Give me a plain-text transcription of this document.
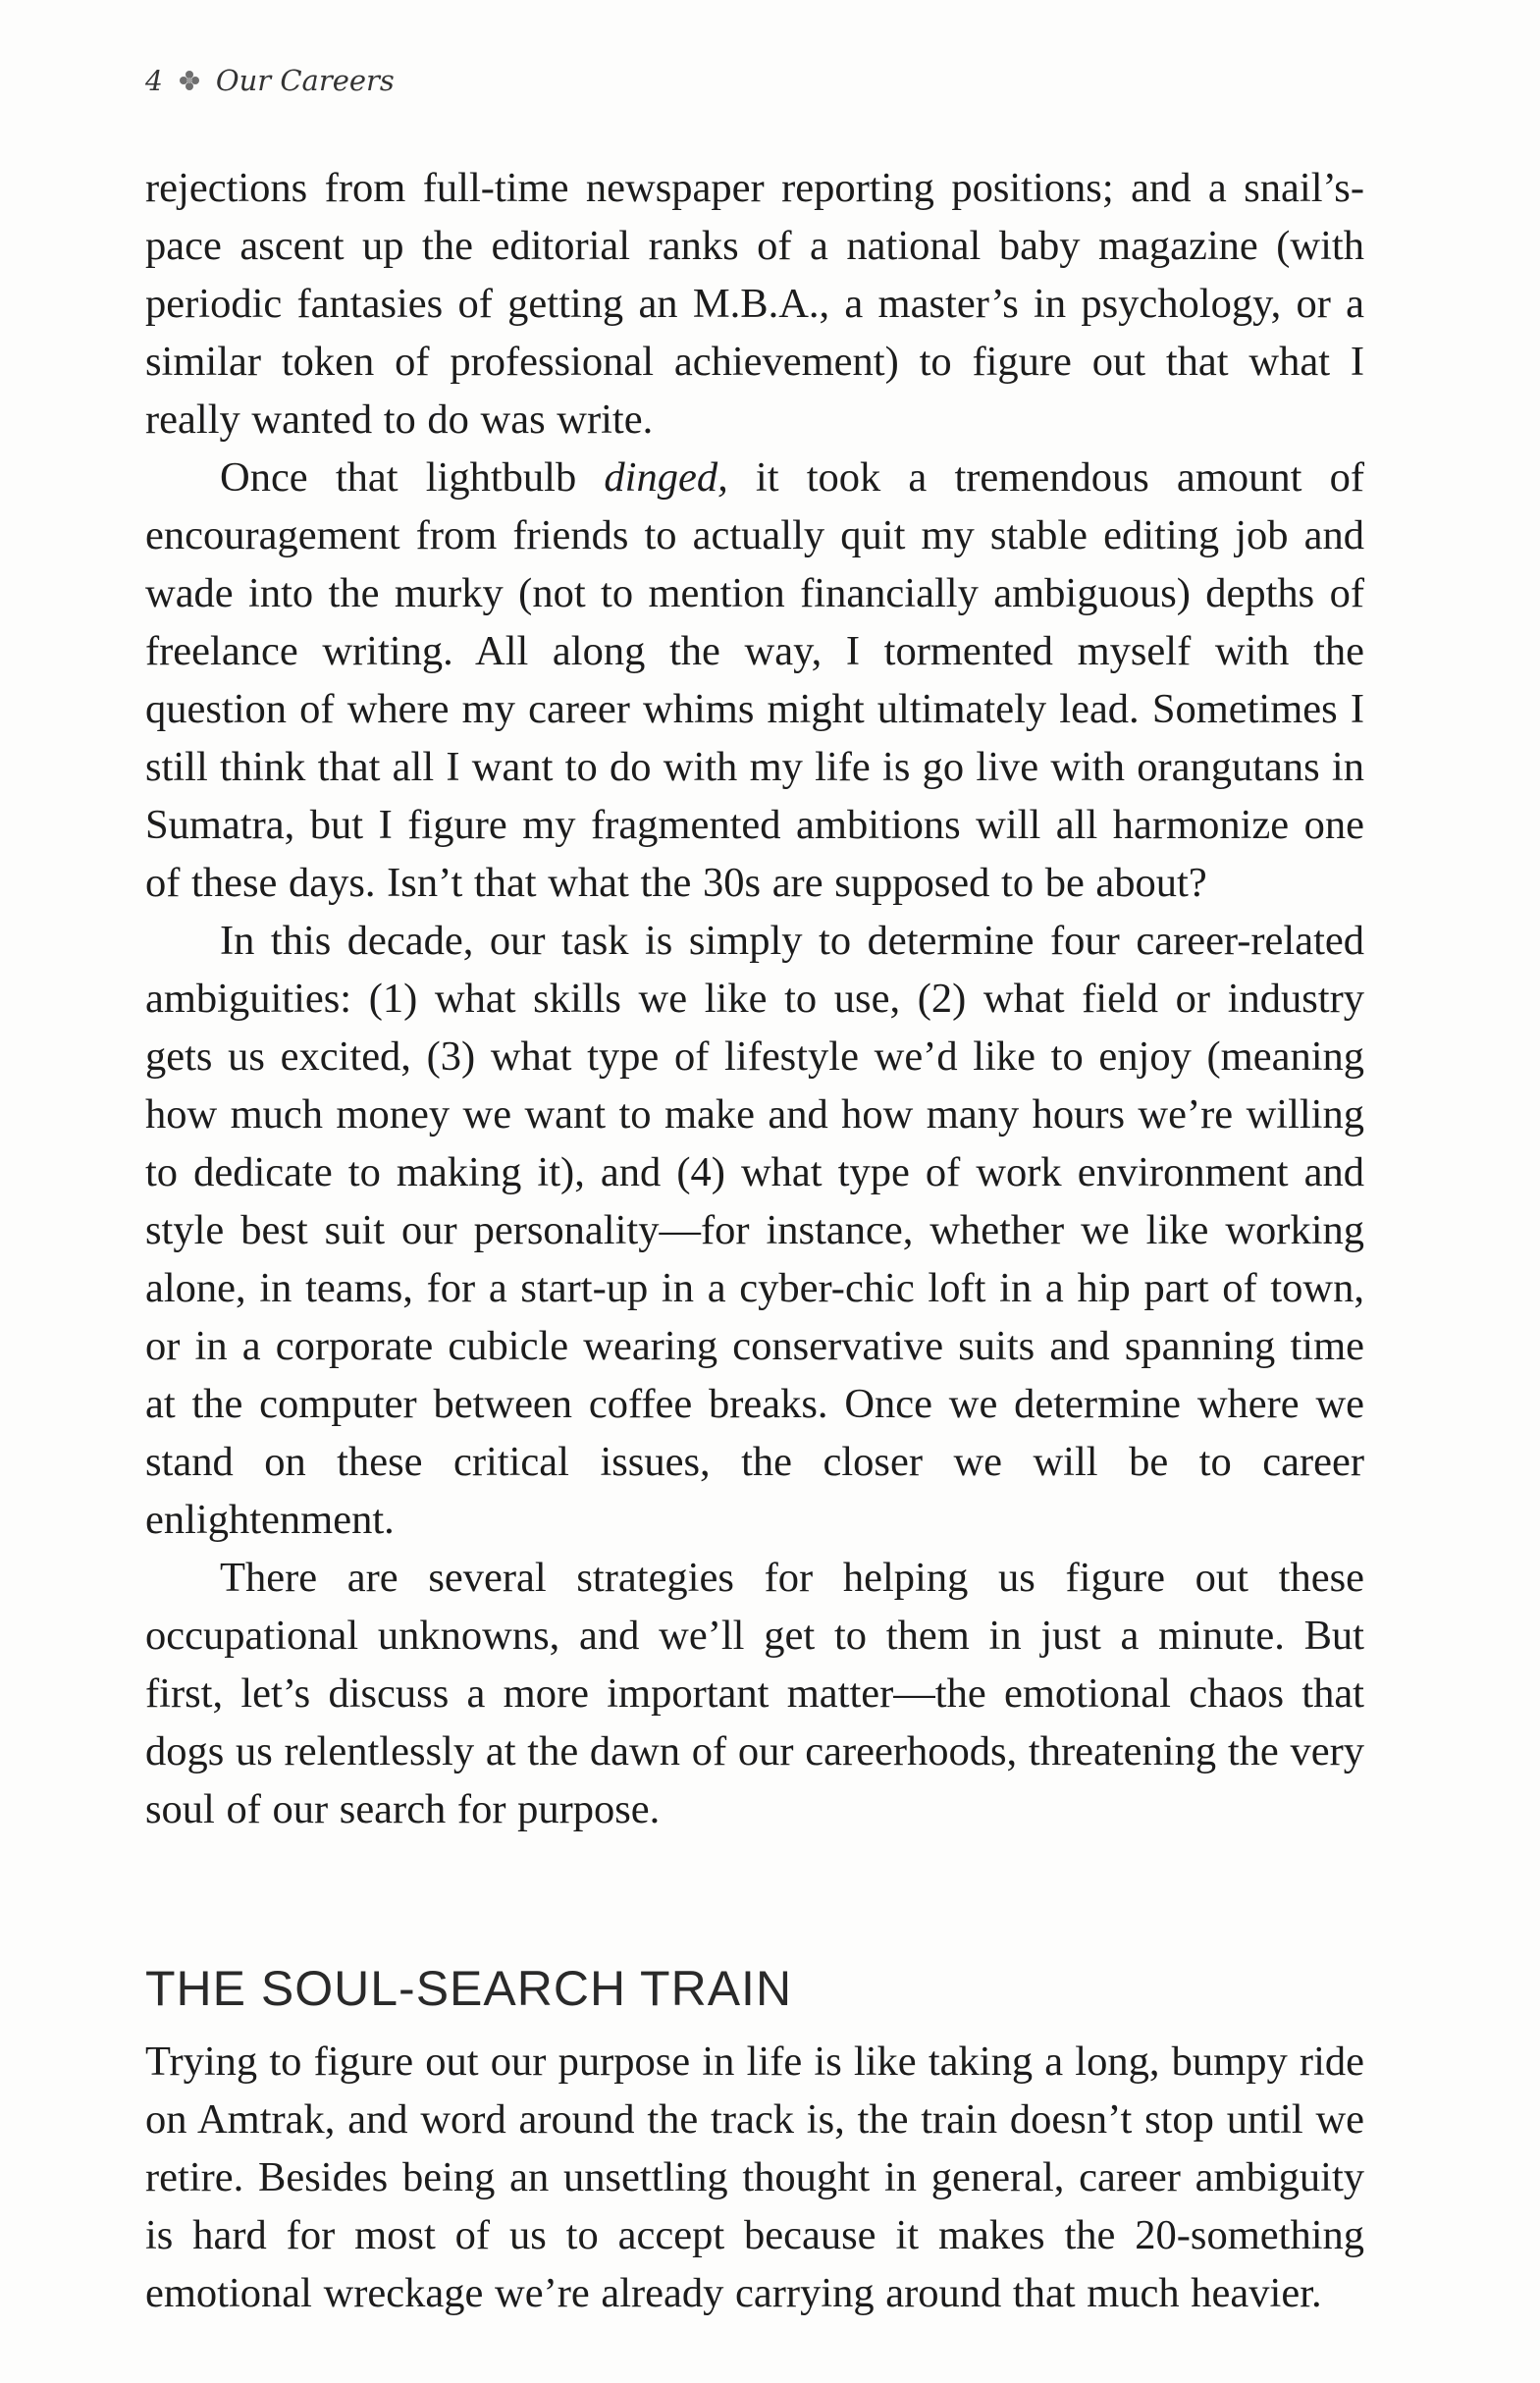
4 Our Careers

rejections from full-time newspaper reporting positions; and a snail’s-pace ascent up the editorial ranks of a national baby magazine (with periodic fantasies of getting an M.B.A., a master’s in psychology, or a similar token of professional achievement) to figure out that what I really wanted to do was write.

Once that lightbulb dinged, it took a tremendous amount of encouragement from friends to actually quit my stable editing job and wade into the murky (not to mention financially ambiguous) depths of freelance writing. All along the way, I tormented myself with the question of where my career whims might ultimately lead. Sometimes I still think that all I want to do with my life is go live with orangutans in Sumatra, but I figure my fragmented ambitions will all harmonize one of these days. Isn’t that what the 30s are supposed to be about?

In this decade, our task is simply to determine four career-related ambiguities: (1) what skills we like to use, (2) what field or industry gets us excited, (3) what type of lifestyle we’d like to enjoy (meaning how much money we want to make and how many hours we’re willing to dedicate to making it), and (4) what type of work environment and style best suit our personality—for instance, whether we like working alone, in teams, for a start-up in a cyber-chic loft in a hip part of town, or in a corporate cubicle wearing conservative suits and spanning time at the computer between coffee breaks. Once we determine where we stand on these critical issues, the closer we will be to career enlightenment.

There are several strategies for helping us figure out these occupational unknowns, and we’ll get to them in just a minute. But first, let’s discuss a more important matter—the emotional chaos that dogs us relentlessly at the dawn of our careerhoods, threatening the very soul of our search for purpose.

THE SOUL-SEARCH TRAIN

Trying to figure out our purpose in life is like taking a long, bumpy ride on Amtrak, and word around the track is, the train doesn’t stop until we retire. Besides being an unsettling thought in general, career ambiguity is hard for most of us to accept because it makes the 20-something emotional wreckage we’re already carrying around that much heavier.
